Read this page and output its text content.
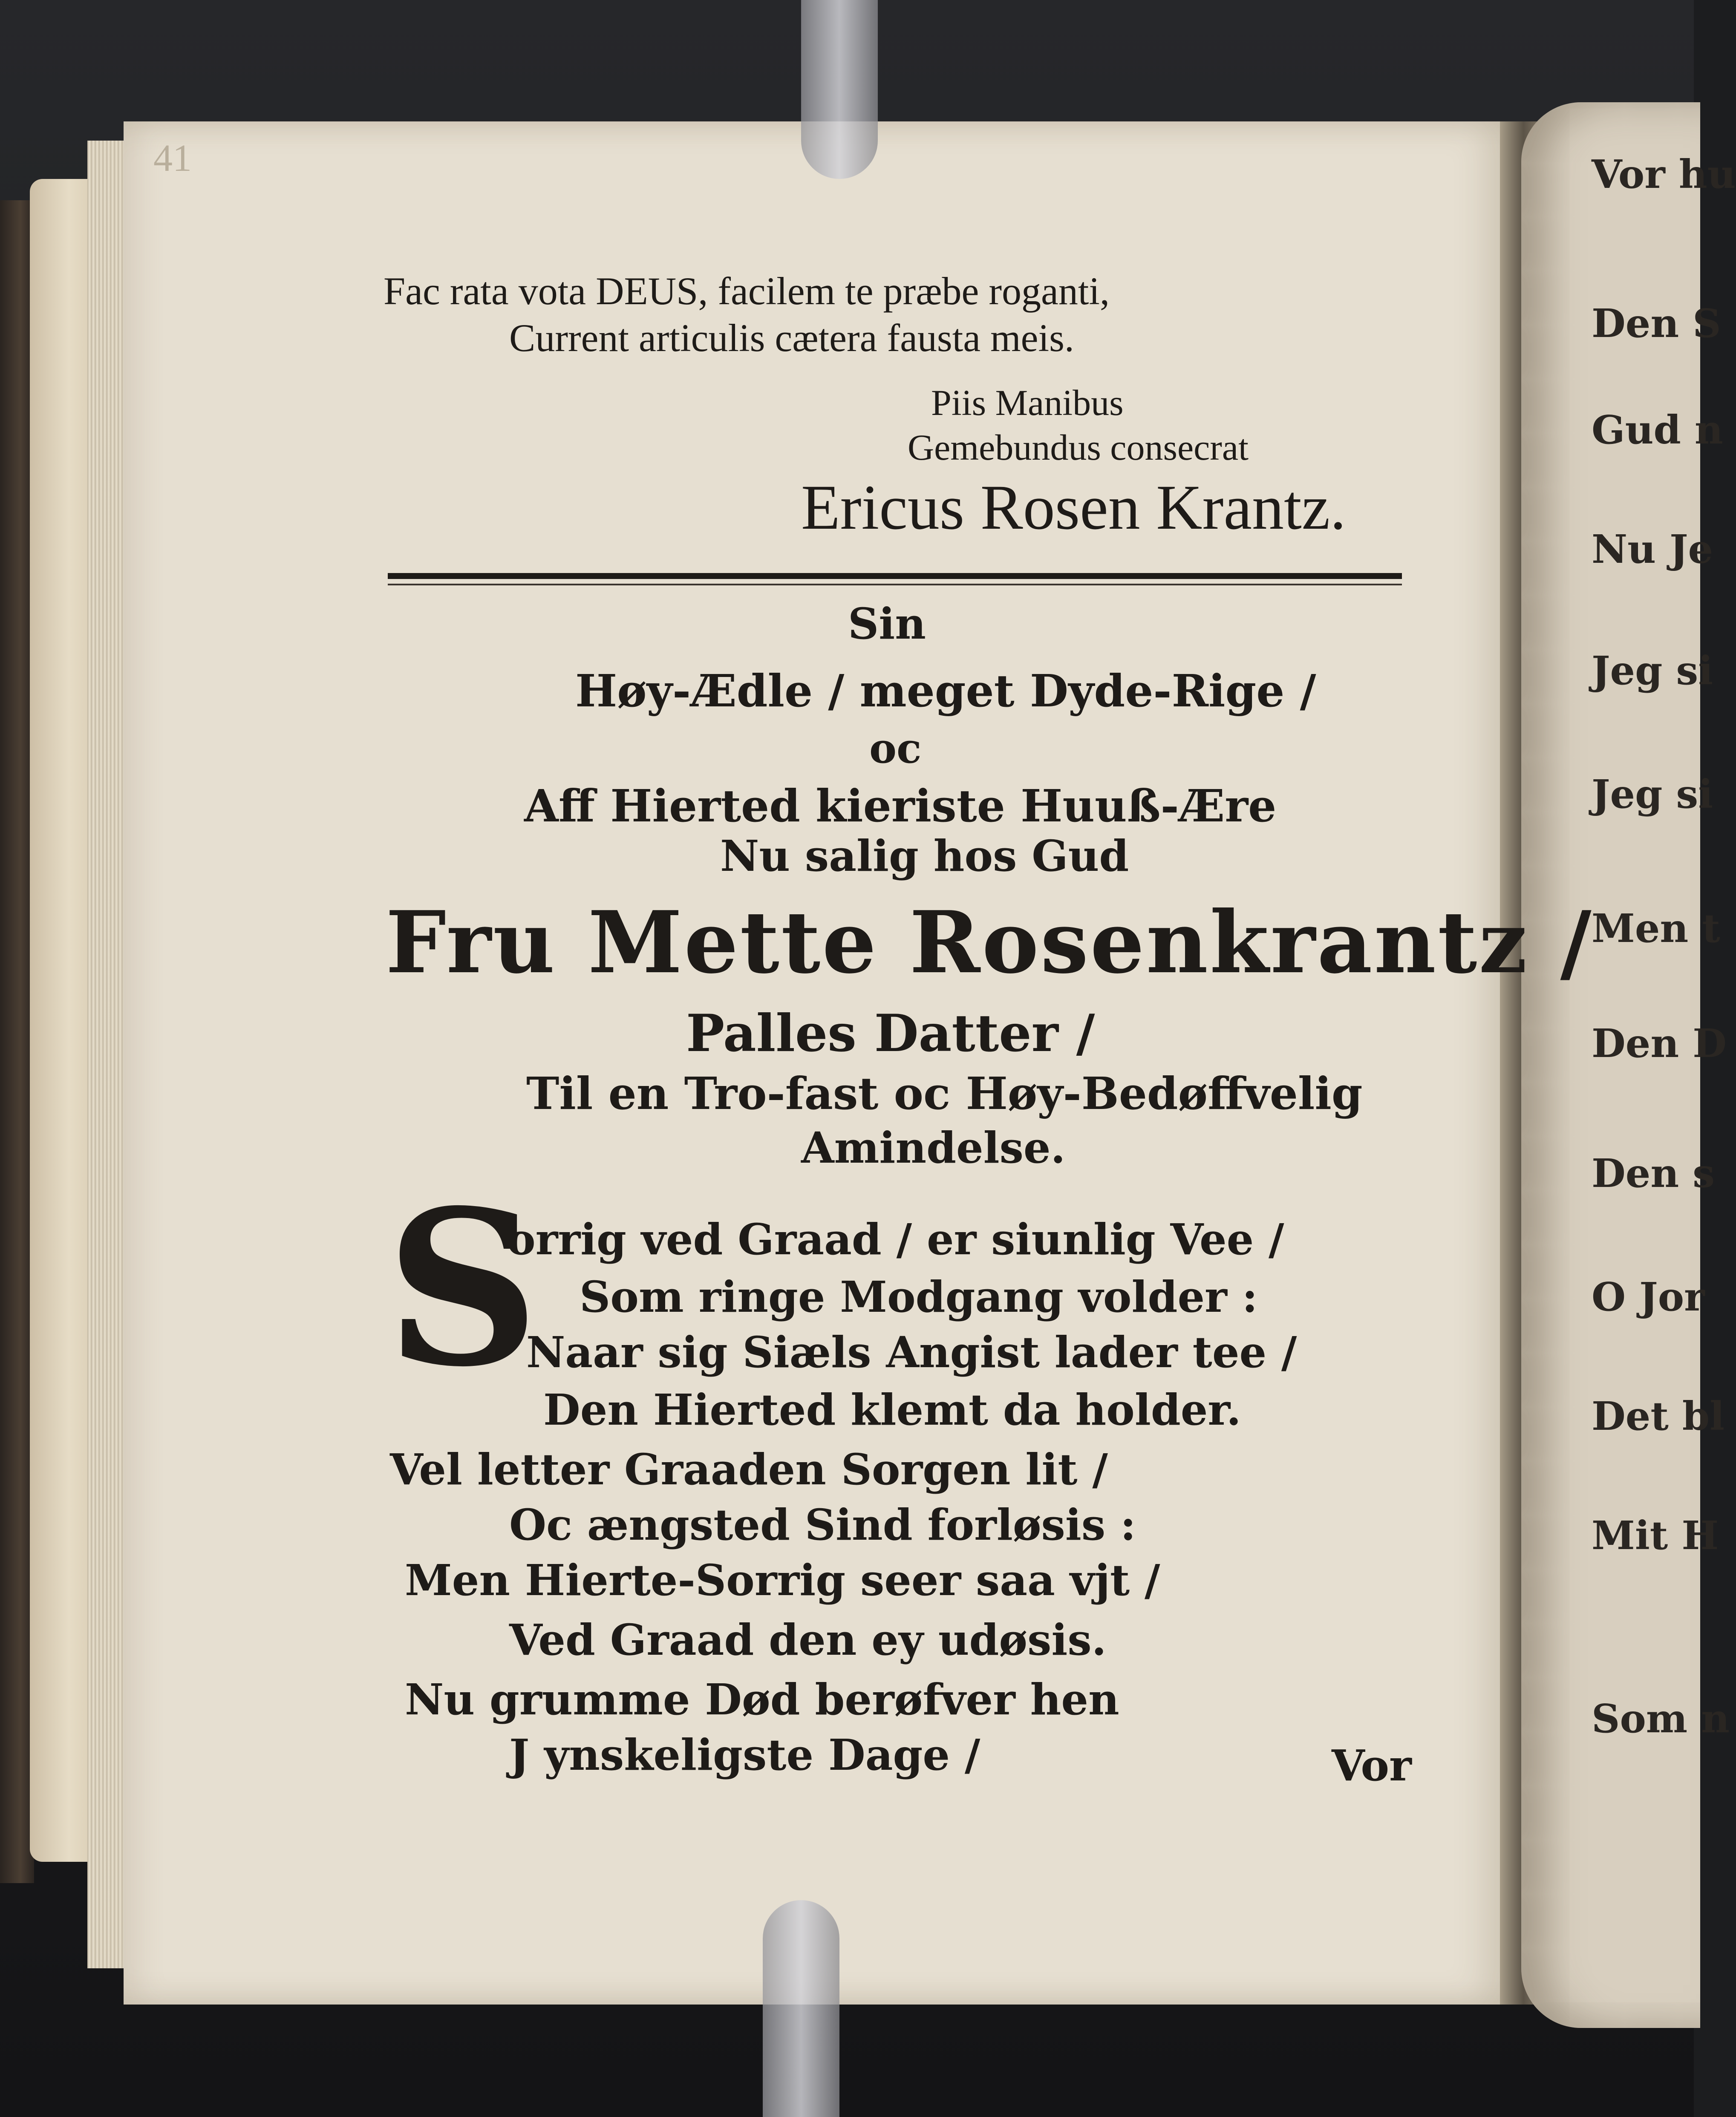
Vor hu
Den S
Gud n
Nu Je
Jeg si
Jeg si
Men t
Den D
Den s
O Jor
Det bl
Mit H
Som n
41
Fac rata vota DEUS, facilem te præbe roganti,
Current articulis cætera fausta meis.
Piis Manibus
Gemebundus consecrat
Ericus Rosen Krantz.
Sin
Høy-Ædle / meget Dyde-Rige /
oc
Aff Hierted kieriste Huuß-Ære
Nu salig hos Gud
Fru Mette Rosenkrantz /
Palles Datter /
Til en Tro-fast oc Høy-Bedøffvelig
Amindelse.
S
orrig ved Graad / er siunlig Vee /
Som ringe Modgang volder :
Naar sig Siæls Angist lader tee /
Den Hierted klemt da holder.
Vel letter Graaden Sorgen lit /
Oc ængsted Sind forløsis :
Men Hierte-Sorrig seer saa vjt /
Ved Graad den ey udøsis.
Nu grumme Død berøfver hen
J ynskeligste Dage /	Vor
